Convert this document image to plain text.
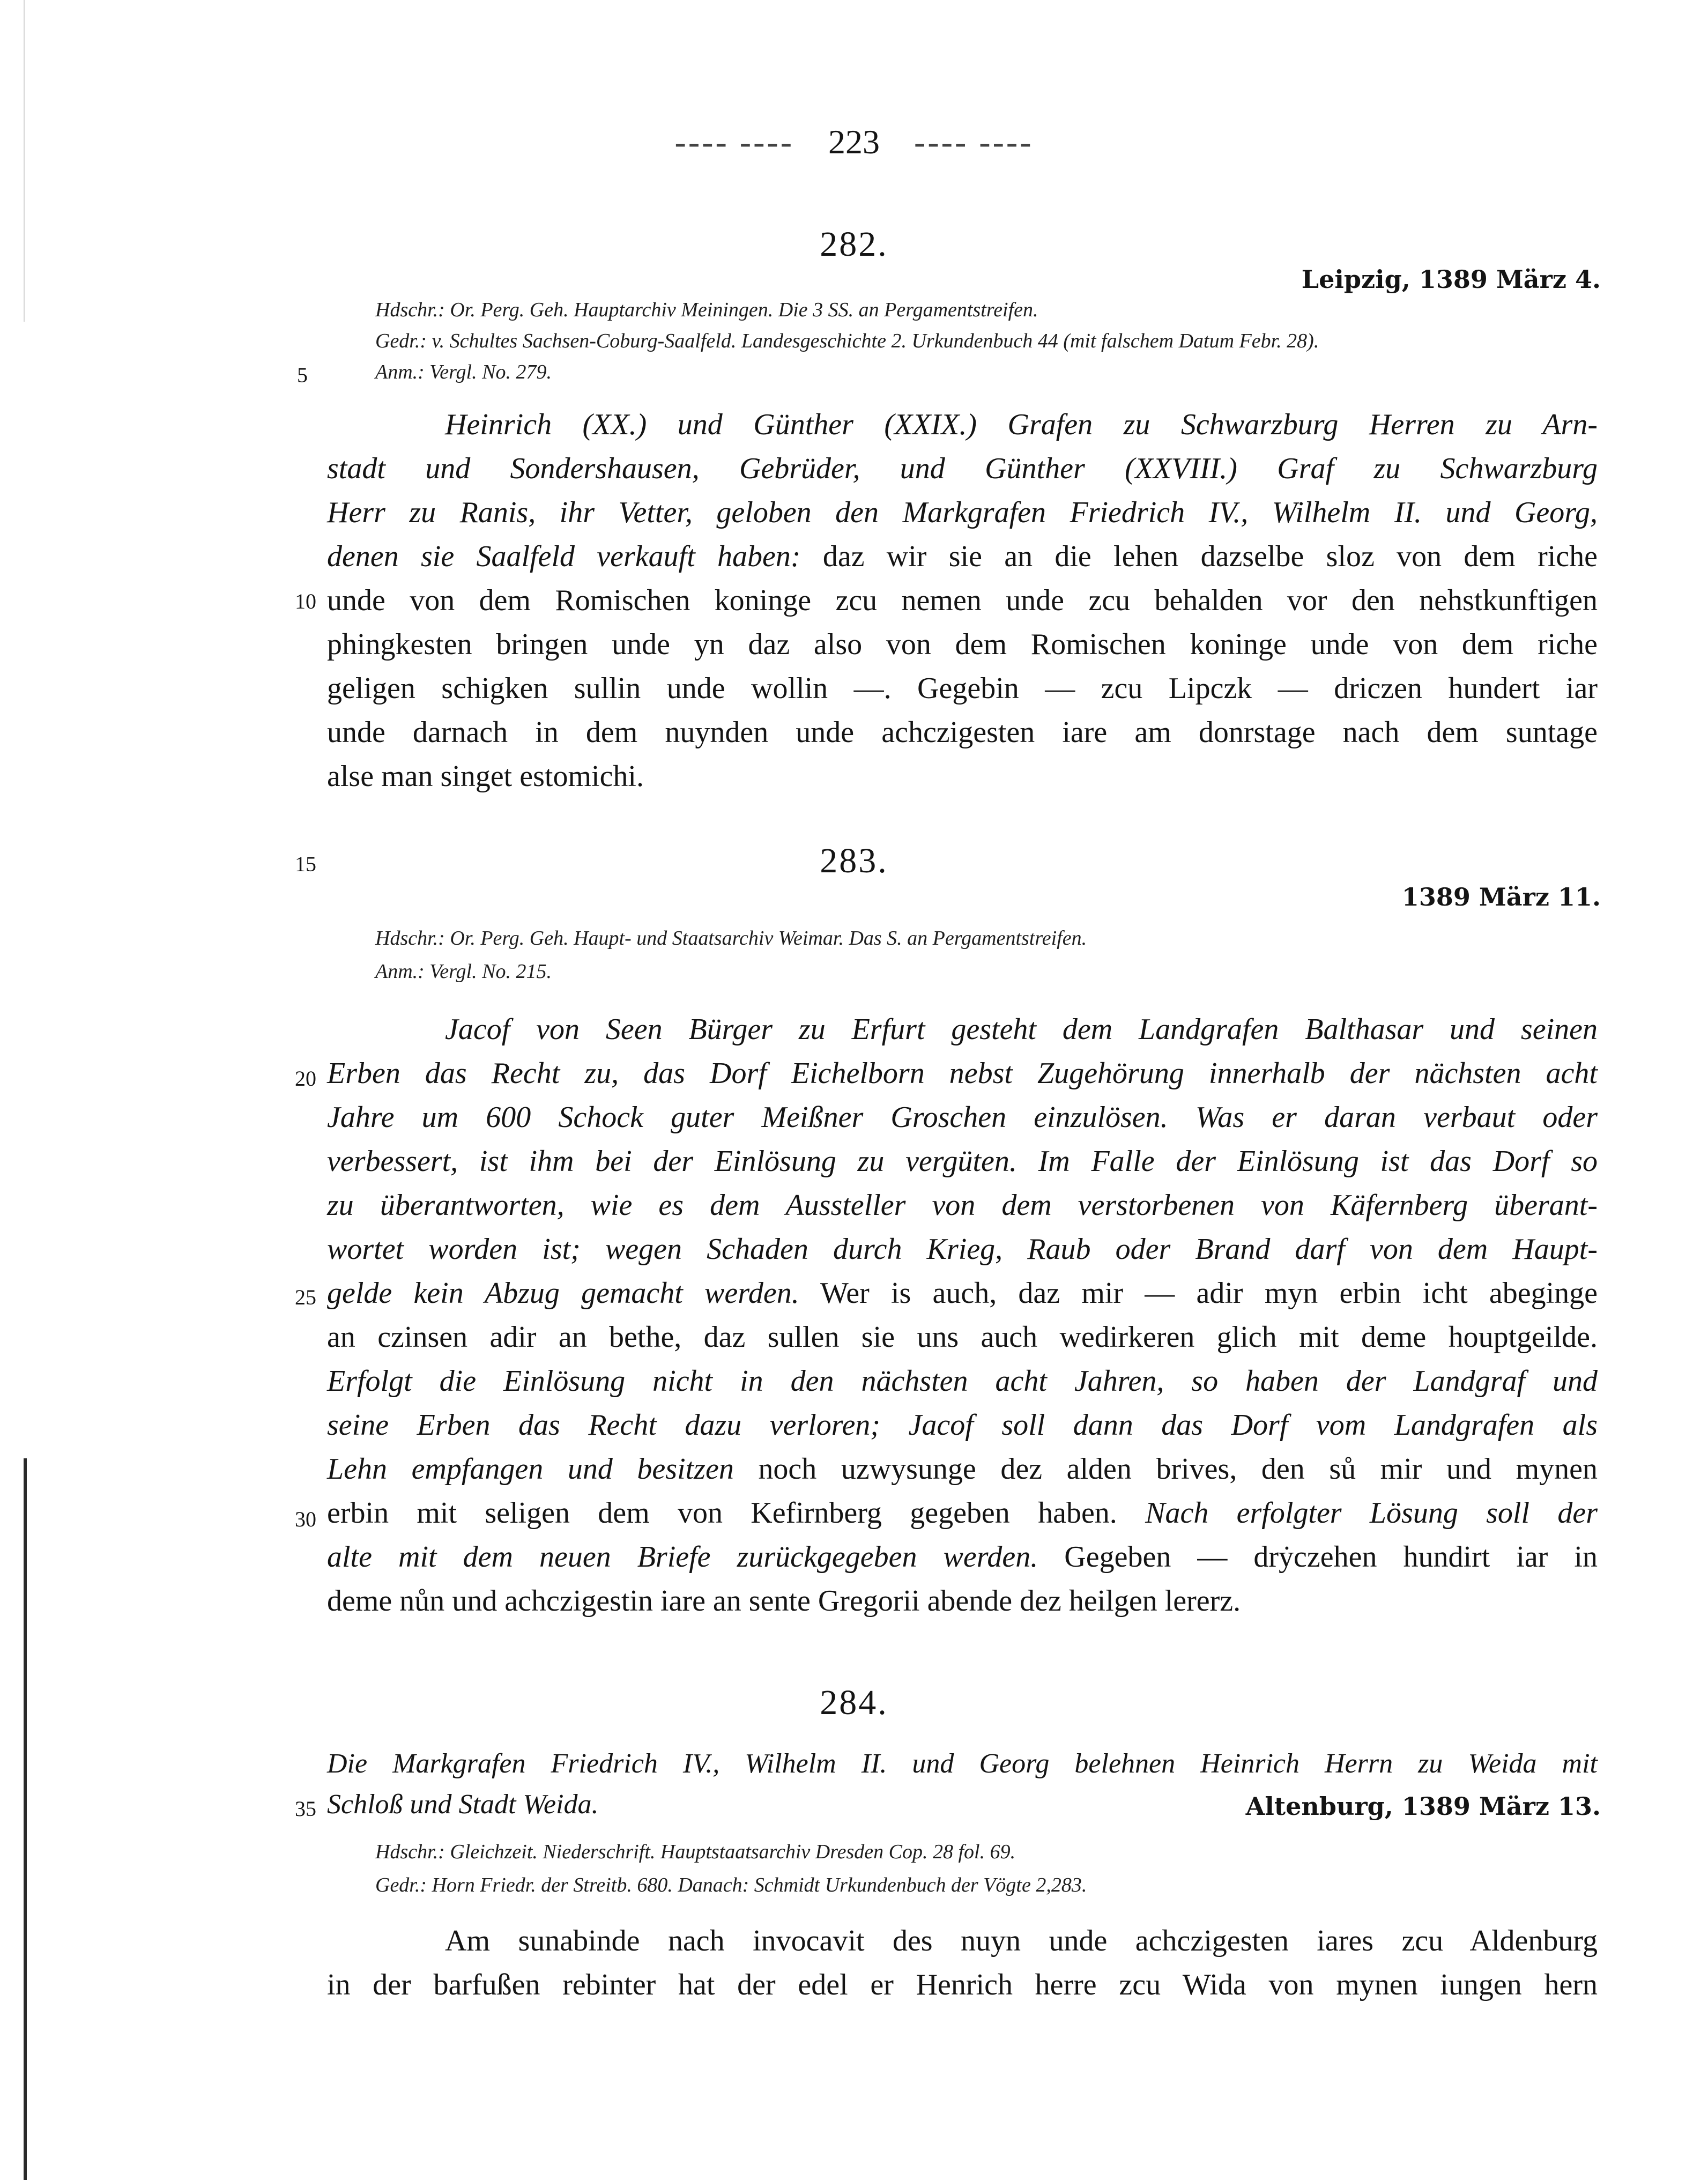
---- ---- 223 ---- ----
282.
Leipzig, 1389 März 4.
Hdschr.: Or. Perg. Geh. Hauptarchiv Meiningen. Die 3 SS. an Pergamentstreifen.
Gedr.: v. Schultes Sachsen-Coburg-Saalfeld. Landesgeschichte 2. Urkundenbuch 44 (mit falschem Datum Febr. 28).
Anm.: Vergl. No. 279.
5
Heinrich (XX.) und Günther (XXIX.) Grafen zu Schwarzburg Herren zu Arn-
stadt und Sondershausen, Gebrüder, und Günther (XXVIII.) Graf zu Schwarzburg
Herr zu Ranis, ihr Vetter, geloben den Markgrafen Friedrich IV., Wilhelm II. und Georg,
denen sie Saalfeld verkauft haben: daz wir sie an die lehen dazselbe sloz von dem riche
10 unde von dem Romischen koninge zcu nemen unde zcu behalden vor den nehstkunftigen
phingkesten bringen unde yn daz also von dem Romischen koninge unde von dem riche
geligen schigken sullin unde wollin —. Gegebin — zcu Lipczk — driczen hundert iar
unde darnach in dem nuynden unde achczigesten iare am donrstage nach dem suntage
alse man singet estomichi.
15	283.
1389 März 11.
Hdschr.: Or. Perg. Geh. Haupt- und Staatsarchiv Weimar. Das S. an Pergamentstreifen.
Anm.: Vergl. No. 215.
Jacof von Seen Bürger zu Erfurt gesteht dem Landgrafen Balthasar und seinen
20 Erben das Recht zu, das Dorf Eichelborn nebst Zugehörung innerhalb der nächsten acht
Jahre um 600 Schock guter Meißner Groschen einzulösen. Was er daran verbaut oder
verbessert, ist ihm bei der Einlösung zu vergüten. Im Falle der Einlösung ist das Dorf so
zu überantworten, wie es dem Aussteller von dem verstorbenen von Käfernberg überant-
wortet worden ist; wegen Schaden durch Krieg, Raub oder Brand darf von dem Haupt-
25 gelde kein Abzug gemacht werden. Wer is auch, daz mir — adir myn erbin icht abeginge
an czinsen adir an bethe, daz sullen sie uns auch wedirkeren glich mit deme houptgeilde.
Erfolgt die Einlösung nicht in den nächsten acht Jahren, so haben der Landgraf und
seine Erben das Recht dazu verloren; Jacof soll dann das Dorf vom Landgrafen als
Lehn empfangen und besitzen noch uzwysunge dez alden brives, den sů mir und mynen
30 erbin mit seligen dem von Kefirnberg gegeben haben. Nach erfolgter Lösung soll der
alte mit dem neuen Briefe zurückgegeben werden. Gegeben — drẏczehen hundirt iar in
deme nůn und achczigestin iare an sente Gregorii abende dez heilgen lererz.
284.
Die Markgrafen Friedrich IV., Wilhelm II. und Georg belehnen Heinrich Herrn zu Weida mit
35 Schloß und Stadt Weida.	Altenburg, 1389 März 13.
Hdschr.: Gleichzeit. Niederschrift. Hauptstaatsarchiv Dresden Cop. 28 fol. 69.
Gedr.: Horn Friedr. der Streitb. 680. Danach: Schmidt Urkundenbuch der Vögte 2,283.
Am sunabinde nach invocavit des nuyn unde achczigesten iares zcu Aldenburg
in der barfußen rebinter hat der edel er Henrich herre zcu Wida von mynen iungen hern
